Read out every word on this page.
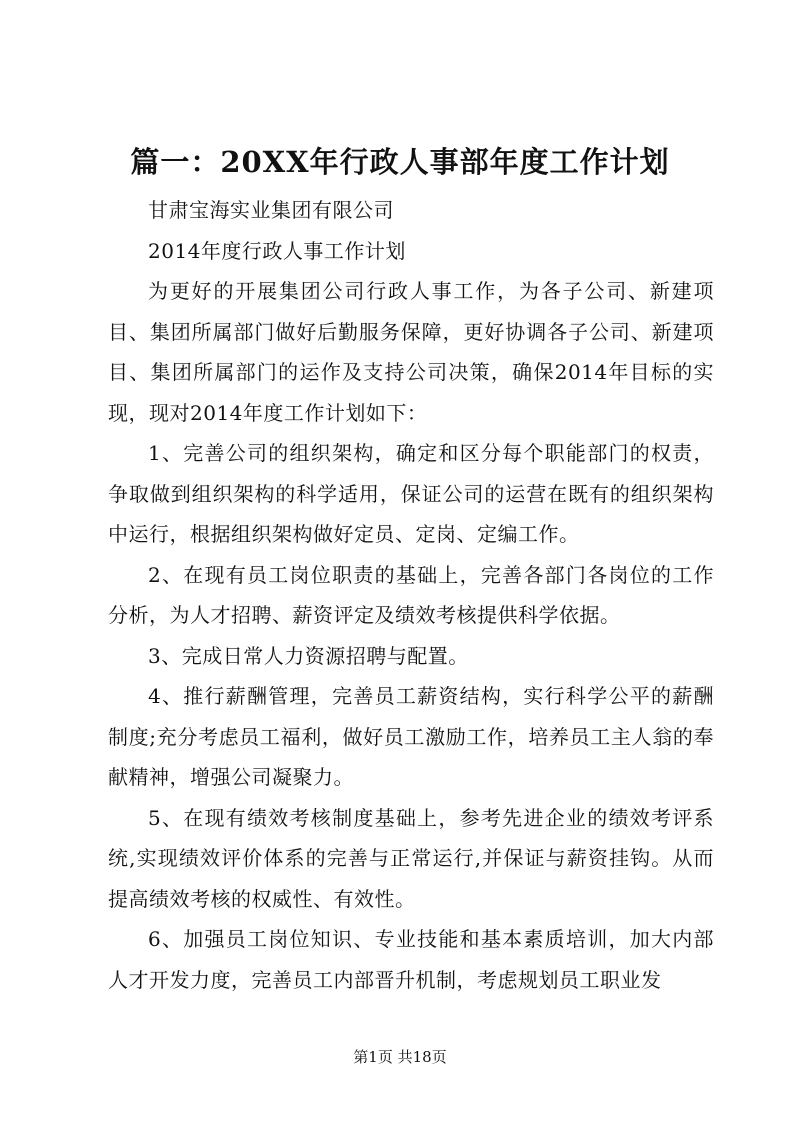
篇一：20XX年行政人事部年度工作计划

甘肃宝海实业集团有限公司

2014年度行政人事工作计划

为更好的开展集团公司行政人事工作，为各子公司、新建项目、集团所属部门做好后勤服务保障，更好协调各子公司、新建项目、集团所属部门的运作及支持公司决策，确保2014年目标的实现，现对2014年度工作计划如下：

1、完善公司的组织架构，确定和区分每个职能部门的权责，争取做到组织架构的科学适用，保证公司的运营在既有的组织架构中运行，根据组织架构做好定员、定岗、定编工作。

2、在现有员工岗位职责的基础上，完善各部门各岗位的工作分析，为人才招聘、薪资评定及绩效考核提供科学依据。

3、完成日常人力资源招聘与配置。

4、推行薪酬管理，完善员工薪资结构，实行科学公平的薪酬制度;充分考虑员工福利，做好员工激励工作，培养员工主人翁的奉献精神，增强公司凝聚力。

5、在现有绩效考核制度基础上，参考先进企业的绩效考评系统,实现绩效评价体系的完善与正常运行,并保证与薪资挂钩。从而提高绩效考核的权威性、有效性。

6、加强员工岗位知识、专业技能和基本素质培训，加大内部人才开发力度，完善员工内部晋升机制，考虑规划员工职业发

第1页 共18页
